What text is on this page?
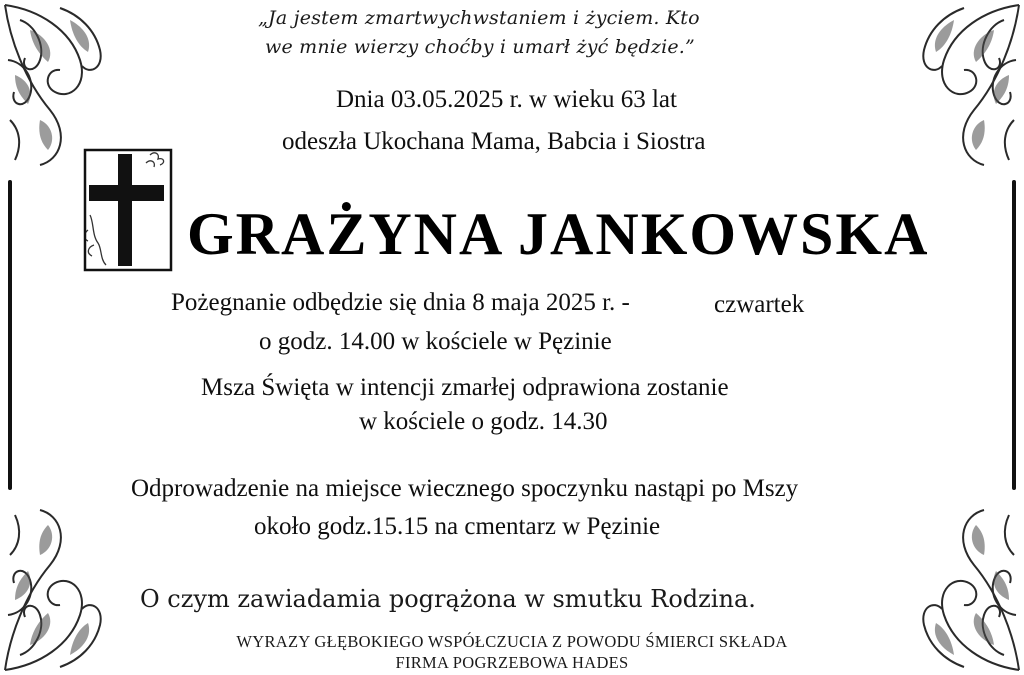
„Ja jestem zmartwychwstaniem i życiem. Kto
we mnie wierzy choćby i umarł żyć będzie.”
Dnia 03.05.2025 r. w wieku 63 lat
odeszła Ukochana Mama, Babcia i Siostra
GRAŻYNA JANKOWSKA
Pożegnanie odbędzie się dnia 8 maja 2025 r. -	czwartek
o godz. 14.00 w kościele w Pęzinie
Msza Święta w intencji zmarłej odprawiona zostanie
w kościele o godz. 14.30
Odprowadzenie na miejsce wiecznego spoczynku nastąpi po Mszy
około godz.15.15 na cmentarz w Pęzinie
O czym zawiadamia pogrążona w smutku Rodzina.
WYRAZY GŁĘBOKIEGO WSPÓŁCZUCIA Z POWODU ŚMIERCI SKŁADA
FIRMA POGRZEBOWA HADES
